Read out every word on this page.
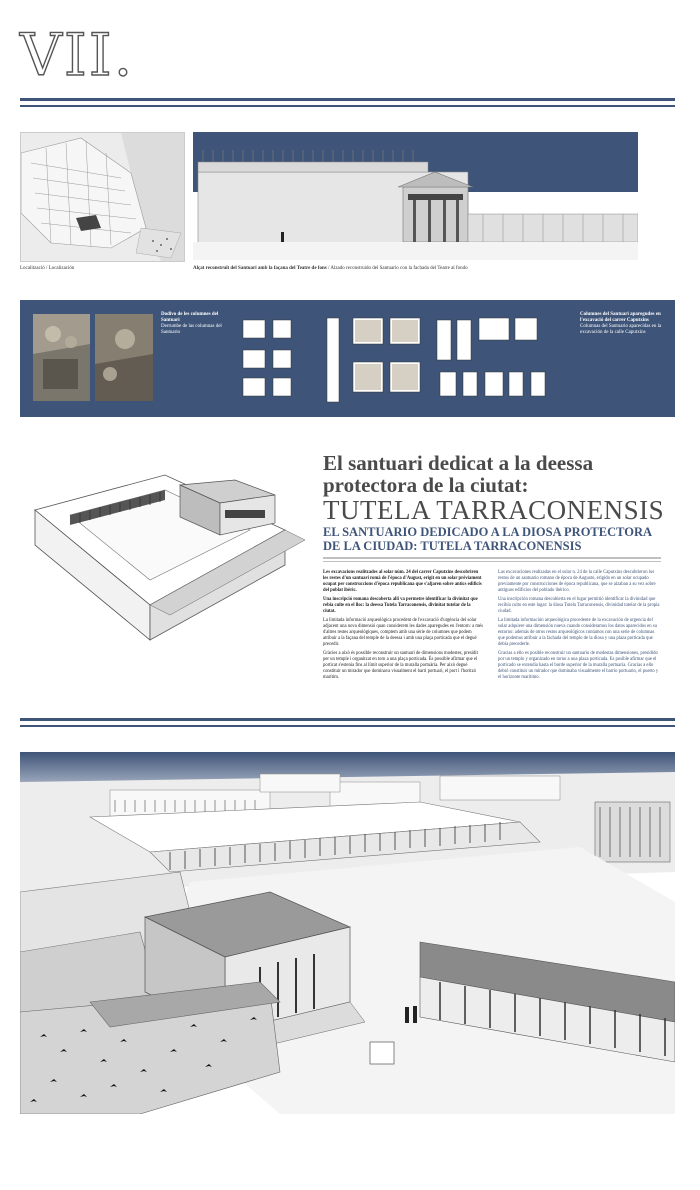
VII.
Localització / Localización	Alçat reconstruït del Santuari amb la façana del Teatre de fons / Alzado reconstruido del Santuario con la fachada del Teatre al fondo
Dodivo de les columnes del Santuari
Derrumbe de las columnas del Santuario
Columnes del Santuari aparegudes en l'excavació del carrer Caputxins
Columnas del Santuario aparecidas en la excavación de la calle Caputxins
El santuari dedicat a la deessa protectora de la ciutat:
TUTELA TARRACONENSIS
EL SANTUARIO DEDICADO A LA DIOSA PROTECTORA DE LA CIUDAD: TUTELA TARRACONENSIS

Les excavacions realitzades al solar núm. 24 del carrer Caputxins descobriren les restes d'un santuari romà de l'època d'August, erigit en un solar prèviament ocupat per construccions d'època republicana que s'aljaren sobre antics edificis del poblat ibèric.

Una inscripció romana descoberta allí va permetre identificar la divinitat que rebia culte en el lloc: la deessa Tutela Tarraconensis, divinitat tutelar de la ciutat.

La limitada informació arqueològica procedent de l'excavació d'urgència del solar adjacent una nova dimensió quan considerem les dades aparegudes en l'entorn: a més d'altres restes arqueològiques, comptem amb una sèrie de columnes que podem atribuir a la façana del temple de la deessa i amb una plaça porticada que el degué precedir.

Gràcies a això és possible reconstruir un santuari de dimensions modestes, presidit per un temple i organitzat en torn a una plaça porticada. És possible afirmar que el porticat s'estenia fins al límit superior de la muralla portuària. Per això degué constituir un mirador que dominava visualment el barri portuari, el port i l'horitzó marítim.

Las excavaciones realizadas en el solar n. 24 de la calle Caputxins descubrieron los restos de un santuario romano de época de Augusto, erigido en un solar ocupado previamente por construcciones de época republicana, que se alzaban a su vez sobre antiguos edificios del poblado ibérico.

Una inscripción romana descubierta en el lugar permitió identificar la divinidad que recibía culto en este lugar: la diosa Tutela Tarraconensis, divinidad tutelar de la propia ciudad.

La limitada información arqueológica procedente de la excavación de urgencia del solar adquiere una dimensión nueva cuando consideramos los datos aparecidos en su entorno: además de otros restos arqueológicos contamos con una serie de columnas que podemos atribuir a la fachada del templo de la diosa y una plaza porticada que debía precederle.

Gracias a ello es posible reconstruir un santuario de modestas dimensiones, presidido por un templo y organizado en torno a una plaza porticada. Es posible afirmar que el porticado se extendía hasta el borde superior de la muralla portuaria. Gracias a ello debió constituir un mirador que dominaba visualmente el barrio portuario, el puerto y el horizonte marítimo.
